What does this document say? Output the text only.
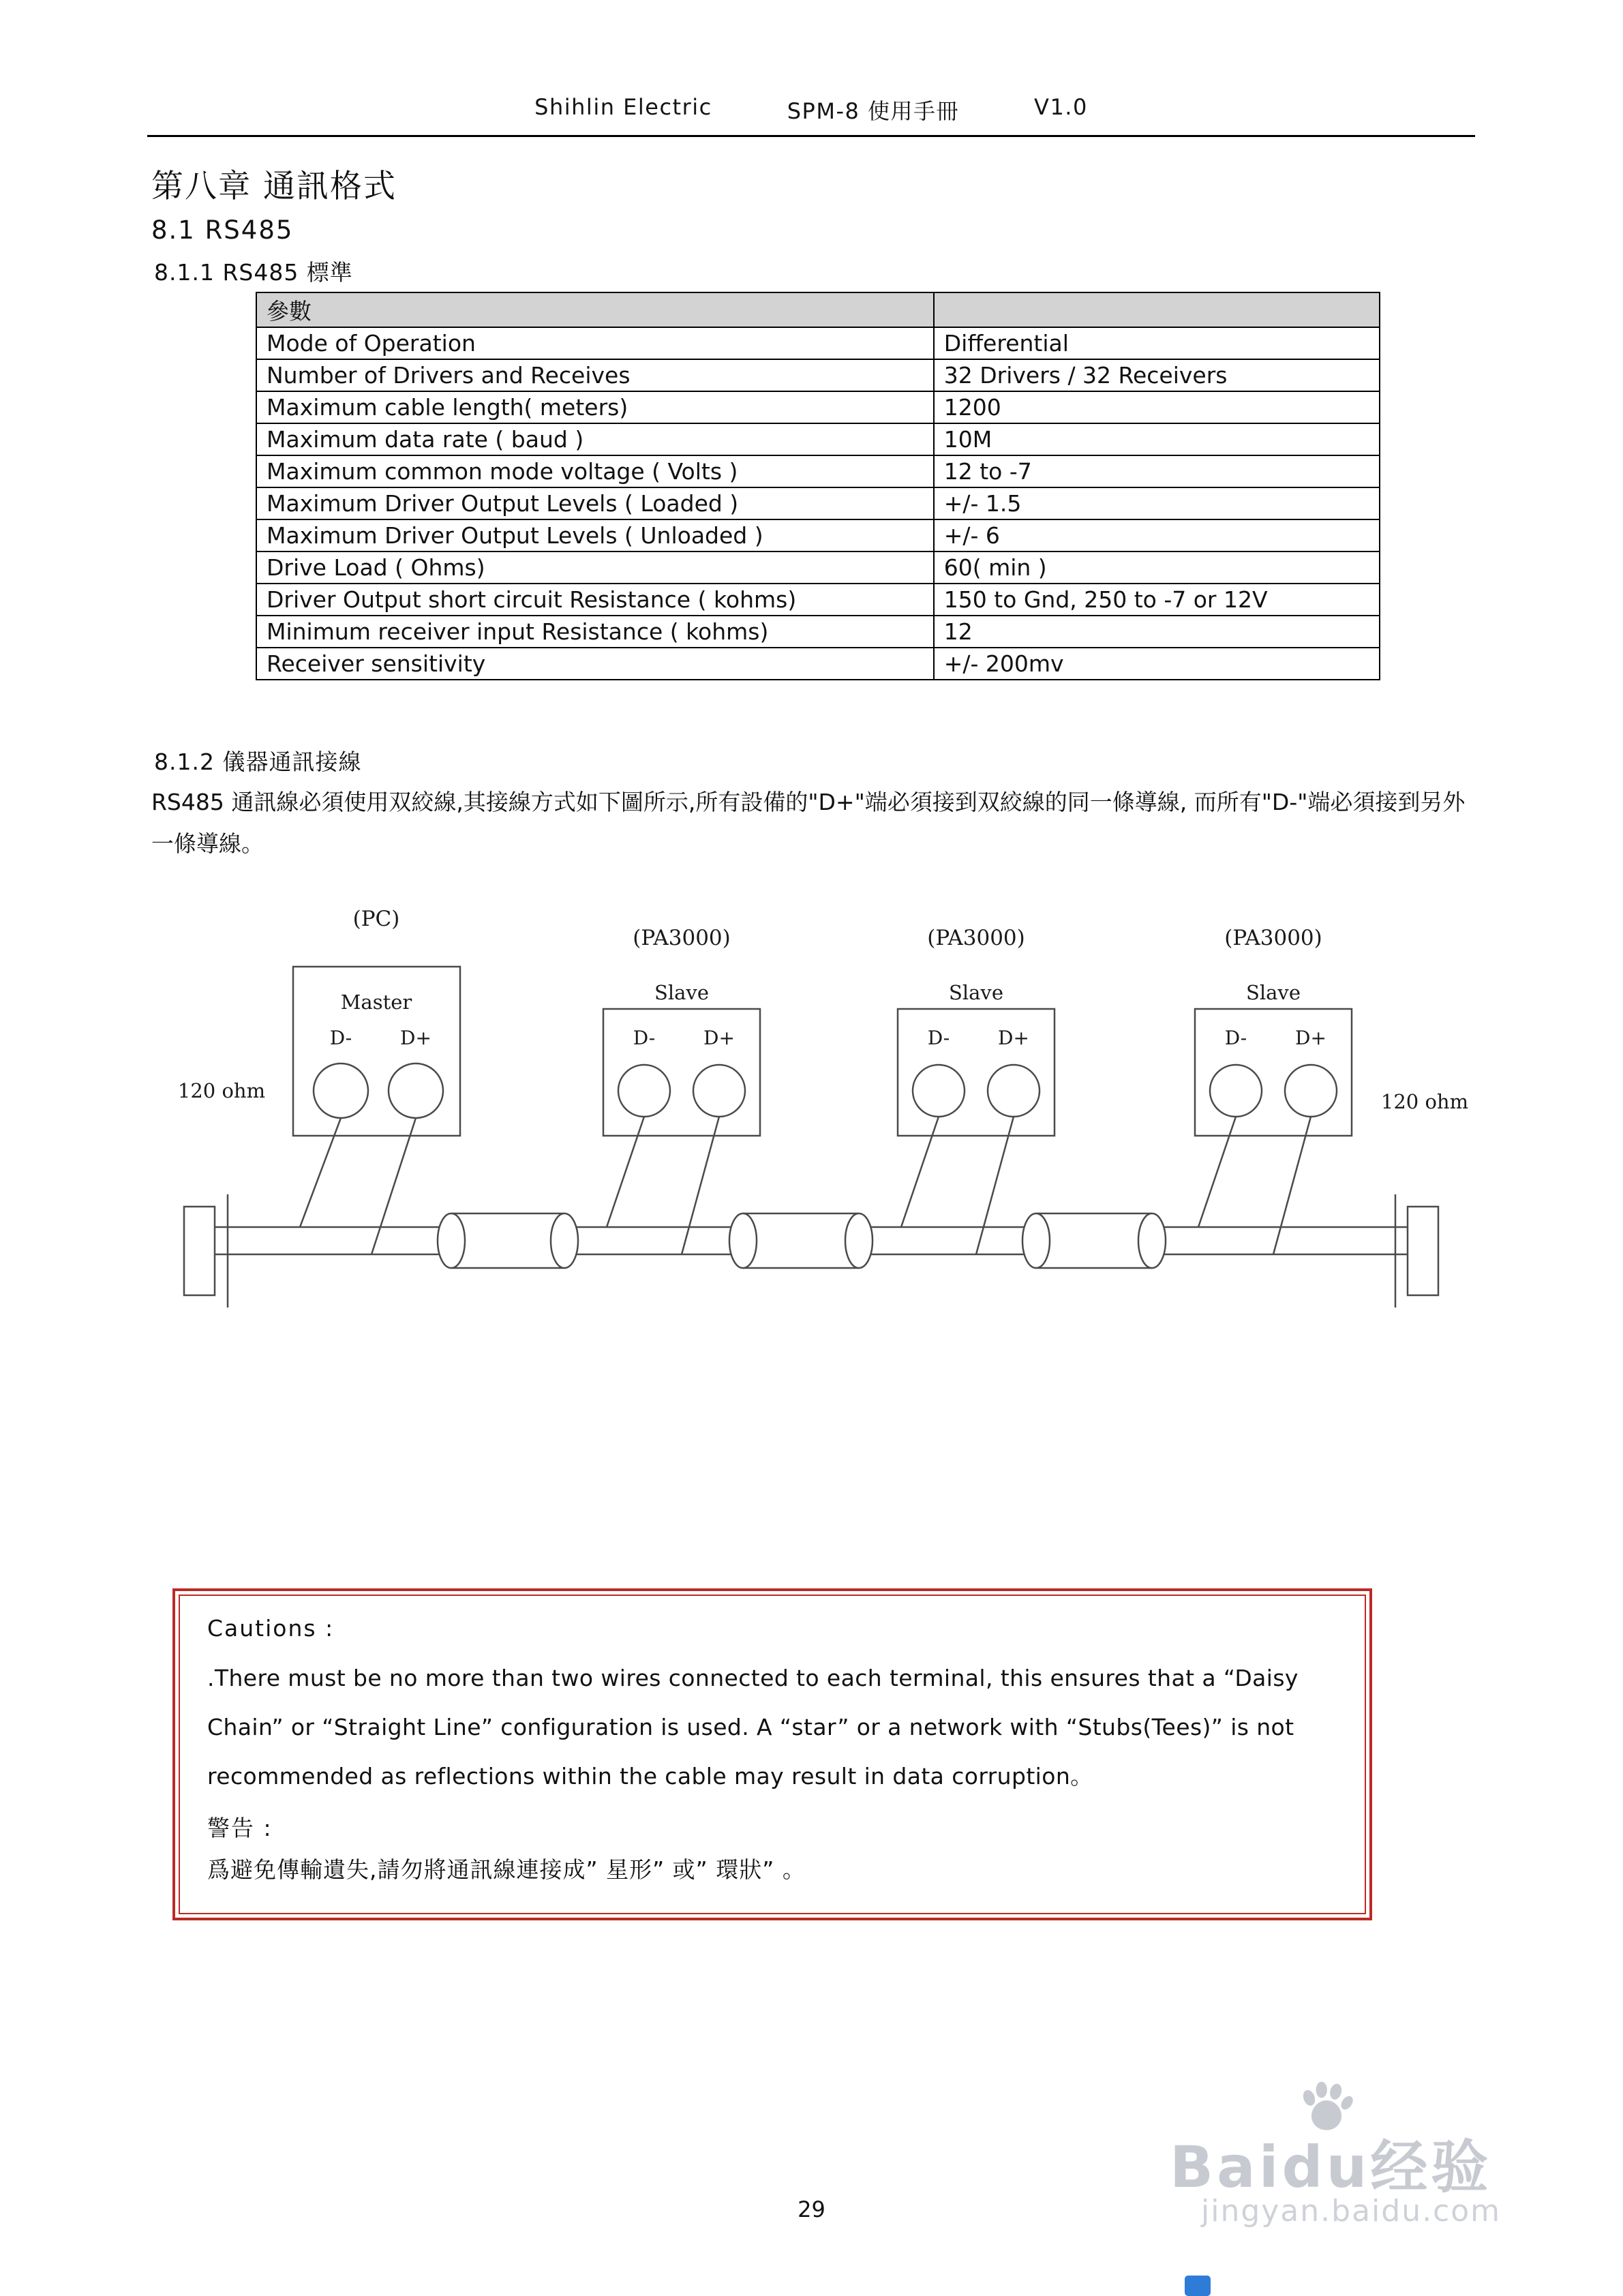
Shihlin Electric	SPM-8 使用手冊	V1.0
第八章 通訊格式
8.1 RS485
8.1.1 RS485 標準
參數	
Mode of Operation	Differential
Number of Drivers and Receives	32 Drivers / 32 Receivers
Maximum cable length( meters)	1200
Maximum data rate ( baud )	10M
Maximum common mode voltage ( Volts )	12 to -7
Maximum Driver Output Levels ( Loaded )	+/- 1.5
Maximum Driver Output Levels ( Unloaded )	+/- 6
Drive Load ( Ohms)	60( min )
Driver Output short circuit Resistance ( kohms)	150 to Gnd, 250 to -7 or 12V
Minimum receiver input Resistance ( kohms)	12
Receiver sensitivity	+/- 200mv
8.1.2 儀器通訊接線

RS485 通訊線必須使用双絞線,其接線方式如下圖所示,所有設備的"D+"端必須接到双絞線的同一條導線, 而所有"D-"端必須接到另外一條導線。

(PC)
(PA3000)	(PA3000)	(PA3000)
Master	Slave	Slave	Slave
D-	D+	D-	D+	D-	D+	D-	D+
120 ohm	120 ohm

Cautions :

.There must be no more than two wires connected to each terminal, this ensures that a “Daisy Chain” or “Straight Line” configuration is used. A “star” or a network with “Stubs(Tees)” is not recommended as reflections within the cable may result in data corruption。

警告 :

爲避免傳輸遺失,請勿將通訊線連接成” 星形” 或” 環狀” 。

29
Baidu经验
jingyan.baidu.com
